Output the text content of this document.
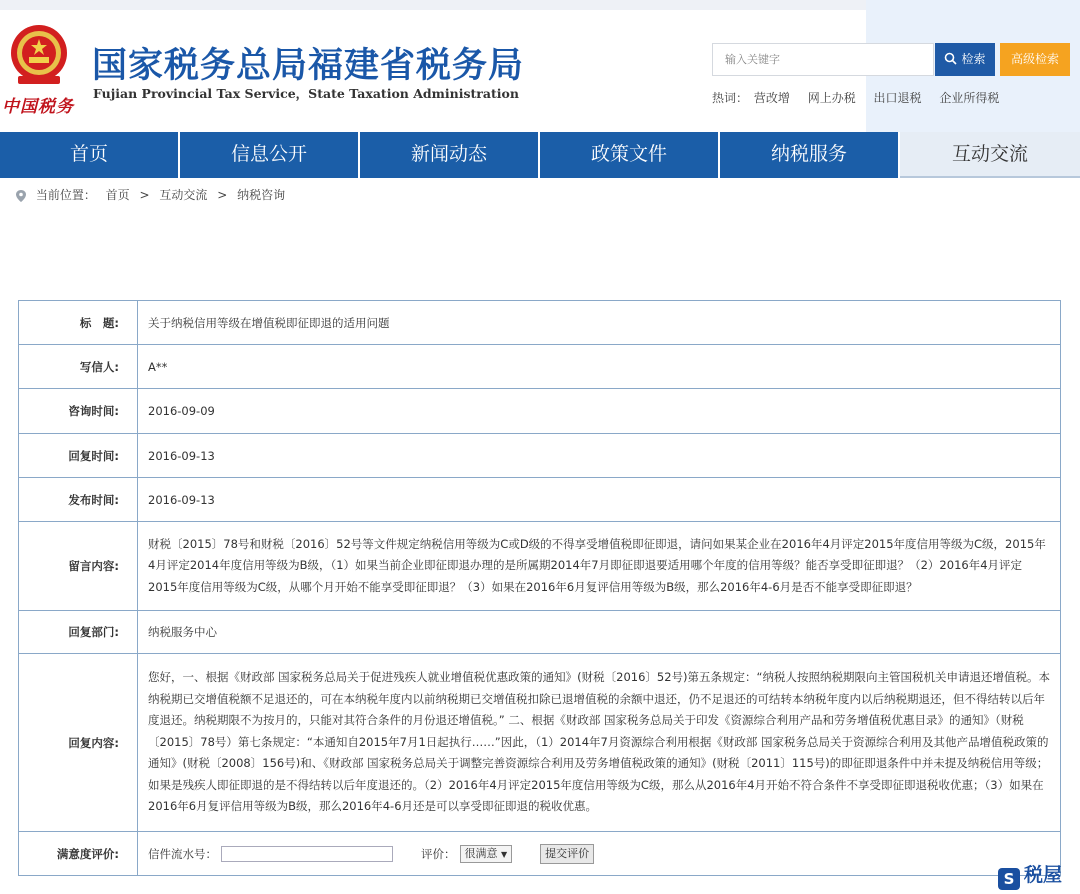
中国税务
国家税务总局福建省税务局
Fujian Provincial Tax Service，State Taxation Administration
输入关键字	检索	高级检索
热词： 营改增 网上办税 出口退税 企业所得税
首页	信息公开	新闻动态	政策文件	纳税服务	互动交流
当前位置： 首页 > 互动交流 > 纳税咨询
标　题:	关于纳税信用等级在增值税即征即退的适用问题
写信人:	A**
咨询时间:	2016-09-09
回复时间:	2016-09-13
发布时间:	2016-09-13
留言内容:	财税〔2015〕78号和财税〔2016〕52号等文件规定纳税信用等级为C或D级的不得享受增值税即征即退，请问如果某企业在2016年4月评定2015年度信用等级为C级，2015年4月评定2014年度信用等级为B级，（1）如果当前企业即征即退办理的是所属期2014年7月即征即退要适用哪个年度的信用等级？能否享受即征即退？（2）2016年4月评定2015年度信用等级为C级，从哪个月开始不能享受即征即退？（3）如果在2016年6月复评信用等级为B级，那么2016年4-6月是否不能享受即征即退？
回复部门:	纳税服务中心
回复内容:	您好，一、根据《财政部 国家税务总局关于促进残疾人就业增值税优惠政策的通知》(财税〔2016〕52号)第五条规定：“纳税人按照纳税期限向主管国税机关申请退还增值税。本纳税期已交增值税额不足退还的，可在本纳税年度内以前纳税期已交增值税扣除已退增值税的余额中退还，仍不足退还的可结转本纳税年度内以后纳税期退还，但不得结转以后年度退还。纳税期限不为按月的，只能对其符合条件的月份退还增值税。” 二、根据《财政部 国家税务总局关于印发《资源综合利用产品和劳务增值税优惠目录》的通知》（财税〔2015〕78号）第七条规定：“本通知自2015年7月1日起执行……”因此，（1）2014年7月资源综合利用根据《财政部 国家税务总局关于资源综合利用及其他产品增值税政策的通知》(财税〔2008〕156号)和、《财政部 国家税务总局关于调整完善资源综合利用及劳务增值税政策的通知》(财税〔2011〕115号)的即征即退条件中并未提及纳税信用等级；如果是残疾人即征即退的是不得结转以后年度退还的。（2）2016年4月评定2015年度信用等级为C级，那么从2016年4月开始不符合条件不享受即征即退税收优惠；（3）如果在2016年6月复评信用等级为B级，那么2016年4-6月还是可以享受即征即退的税收优惠。
满意度评价:	信件流水号： 评价： 很满意 ▼ 提交评价
S 税屋
